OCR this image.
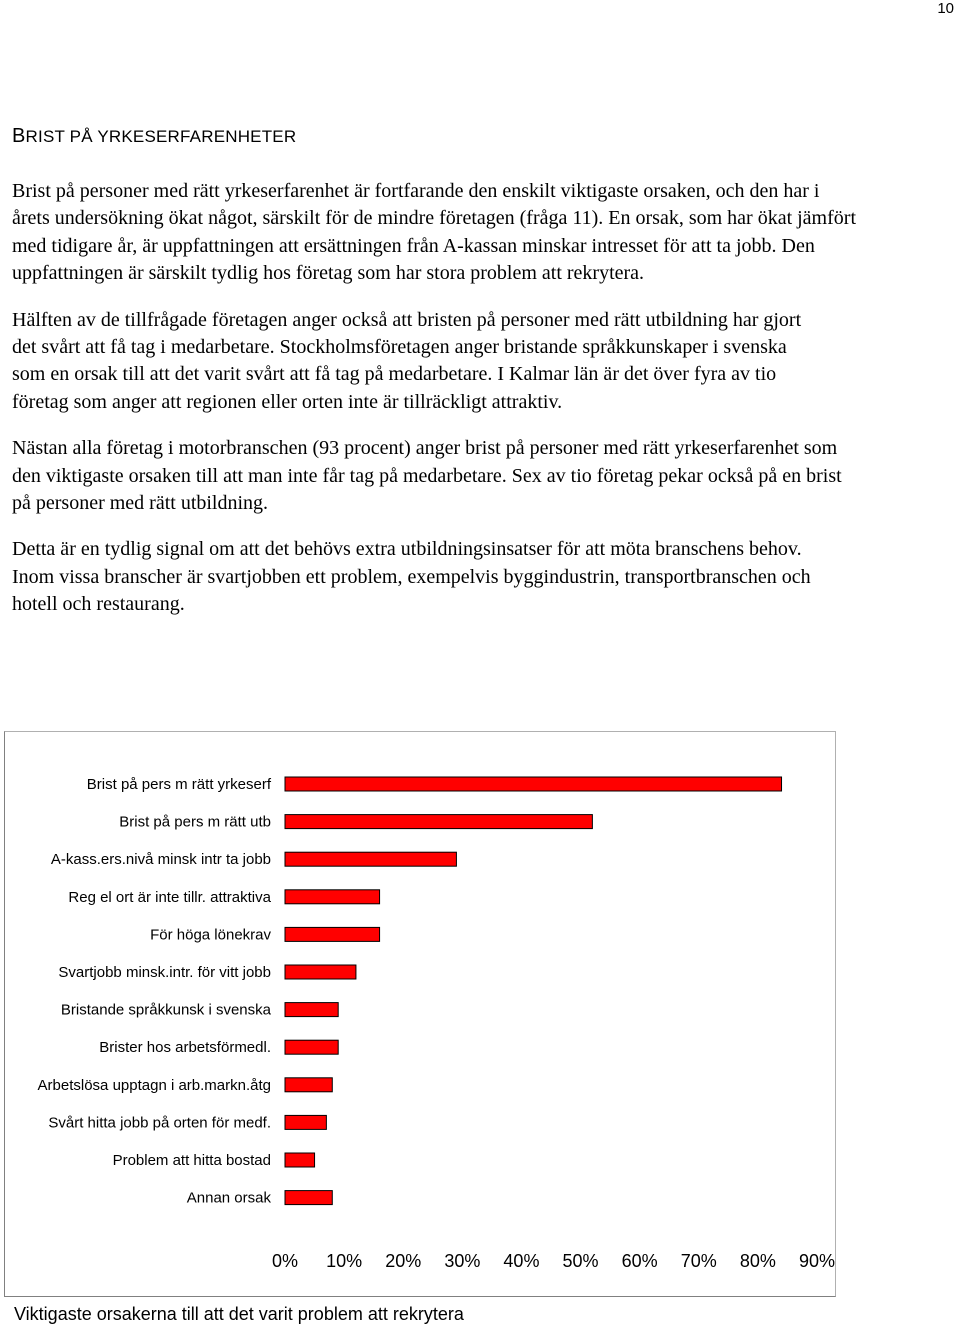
10
BRIST PÅ YRKESERFARENHETER

Brist på personer med rätt yrkeserfarenhet är fortfarande den enskilt viktigaste orsaken, och den har i årets undersökning ökat något, särskilt för de mindre företagen (fråga 11). En orsak, som har ökat jämfört med tidigare år, är uppfattningen att ersättningen från A-kassan minskar intresset för att ta jobb. Den uppfattningen är särskilt tydlig hos företag som har stora problem att rekrytera.

Hälften av de tillfrågade företagen anger också att bristen på personer med rätt utbildning har gjort det svårt att få tag i medarbetare. Stockholmsföretagen anger bristande språkkunskaper i svenska som en orsak till att det varit svårt att få tag på medarbetare. I Kalmar län är det över fyra av tio företag som anger att regionen eller orten inte är tillräckligt attraktiv.

Nästan alla företag i motorbranschen (93 procent) anger brist på personer med rätt yrkeserfarenhet som den viktigaste orsaken till att man inte får tag på medarbetare. Sex av tio företag pekar också på en brist på personer med rätt utbildning.

Detta är en tydlig signal om att det behövs extra utbildningsinsatser för att möta branschens behov. Inom vissa branscher är svartjobben ett problem, exempelvis byggindustrin, transportbranschen och hotell och restaurang.

Brist på pers m rätt yrkeserf
Brist på pers m rätt utb
A-kass.ers.nivå minsk intr ta jobb
Reg el ort är inte tillr. attraktiva
För höga lönekrav
Svartjobb minsk.intr. för vitt jobb
Bristande språkkunsk i svenska
Brister hos arbetsförmedl.
Arbetslösa upptagn i arb.markn.åtg
Svårt hitta jobb på orten för medf.
Problem att hitta bostad
Annan orsak
0% 10% 20% 30% 40% 50% 60% 70% 80% 90%
Viktigaste orsakerna till att det varit problem att rekrytera
